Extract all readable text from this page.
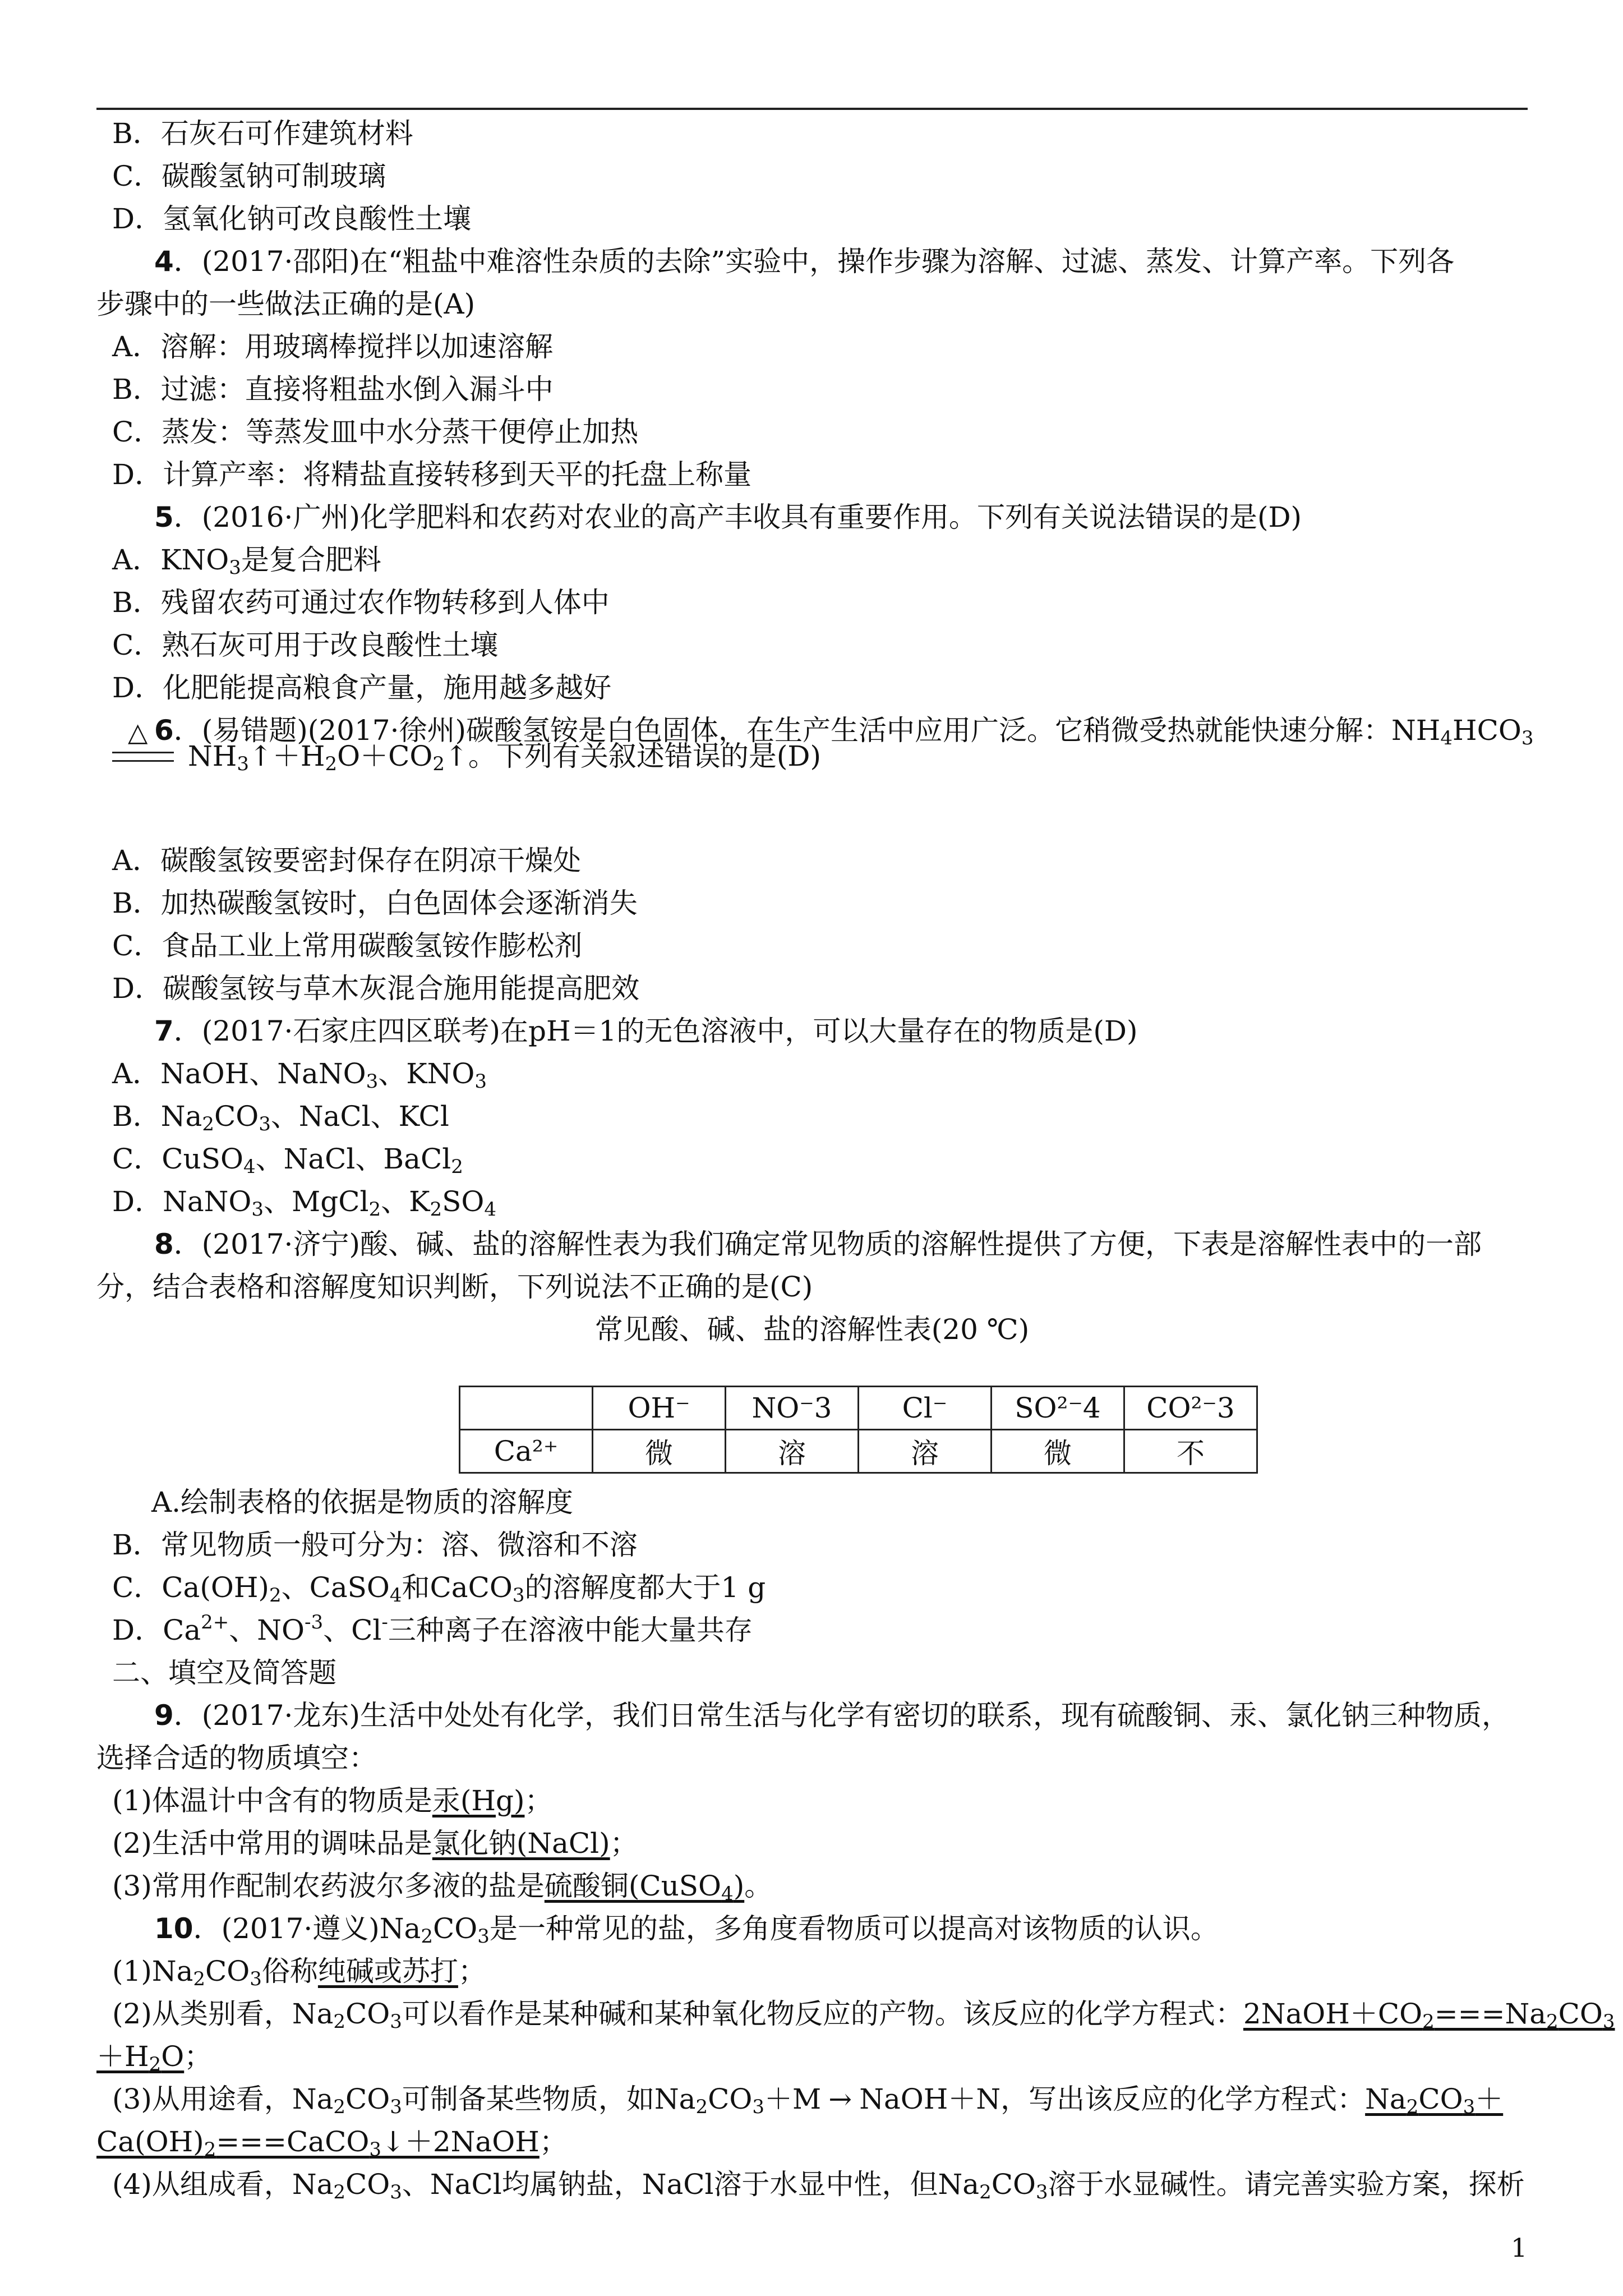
B．石灰石可作建筑材料
C．碳酸氢钠可制玻璃
D．氢氧化钠可改良酸性土壤
4．(2017·邵阳)在“粗盐中难溶性杂质的去除”实验中，操作步骤为溶解、过滤、蒸发、计算产率。下列各
步骤中的一些做法正确的是(A)
A．溶解：用玻璃棒搅拌以加速溶解
B．过滤：直接将粗盐水倒入漏斗中
C．蒸发：等蒸发皿中水分蒸干便停止加热
D．计算产率：将精盐直接转移到天平的托盘上称量
5．(2016·广州)化学肥料和农药对农业的高产丰收具有重要作用。下列有关说法错误的是(D)
A．$KNO_3$是复合肥料
B．残留农药可通过农作物转移到人体中
C．熟石灰可用于改良酸性土壤
D．化肥能提高粮食产量，施用越多越好
6．(易错题)(2017·徐州)碳酸氢铵是白色固体，在生产生活中应用广泛。它稍微受热就能快速分解：$NH_4HCO_3$
△
$NH_3↑+H_2O+CO_2↑$。下列有关叙述错误的是(D)
A．碳酸氢铵要密封保存在阴凉干燥处
B．加热碳酸氢铵时，白色固体会逐渐消失
C．食品工业上常用碳酸氢铵作膨松剂
D．碳酸氢铵与草木灰混合施用能提高肥效
7．(2017·石家庄四区联考)在pH＝1的无色溶液中，可以大量存在的物质是(D)
A．NaOH、NaNO$_3$、$KNO_3$
B．$Na_2CO_3$、NaCl、KCl
C．CuSO$_4$、NaCl、BaCl$_2$
D．NaNO$_3$、MgCl$_2$、$K_2SO_4$
8．(2017·济宁)酸、碱、盐的溶解性表为我们确定常见物质的溶解性提供了方便，下表是溶解性表中的一部
分，结合表格和溶解度知识判断，下列说法不正确的是(C)
常见酸、碱、盐的溶解性表(20 ℃)
	OH⁻	NO⁻3	Cl⁻	SO²⁻4	CO²⁻3
Ca²⁺	微	溶	溶	微	不
A.绘制表格的依据是物质的溶解度
B．常见物质一般可分为：溶、微溶和不溶
C．$Ca(OH)_2$、CaSO$_4$和CaCO$_3$的溶解度都大于1 g
D．$Ca^{2+}$、$NO^{-3}$、Cl-三种离子在溶液中能大量共存
二、填空及简答题
9．(2017·龙东)生活中处处有化学，我们日常生活与化学有密切的联系，现有硫酸铜、汞、氯化钠三种物质，
选择合适的物质填空：
(1)体温计中含有的物质是汞(Hg)；
(2)生活中常用的调味品是氯化钠(NaCl)；
(3)常用作配制农药波尔多液的盐是硫酸铜(CuSO$_4$)。
10．(2017·遵义)$Na_2CO_3$是一种常见的盐，多角度看物质可以提高对该物质的认识。
$(1)Na_2CO_3$俗称纯碱或苏打；
(2)从类别看，$Na_2CO_3$可以看作是某种碱和某种氧化物反应的产物。该反应的化学方程式：$2NaOH+CO_2===Na_2CO_3$
$+H_2O$；
(3)从用途看，$Na_2CO_3$可制备某些物质，如$Na_2CO_3+M$ → NaOH＋N，写出该反应的化学方程式：$Na_2CO_3+$
$Ca(OH)_2===CaCO_3↓+2NaOH$；
(4)从组成看，$Na_2CO_3$、NaCl均属钠盐，NaCl溶于水显中性，但$Na_2CO_3$溶于水显碱性。请完善实验方案，探析
1
